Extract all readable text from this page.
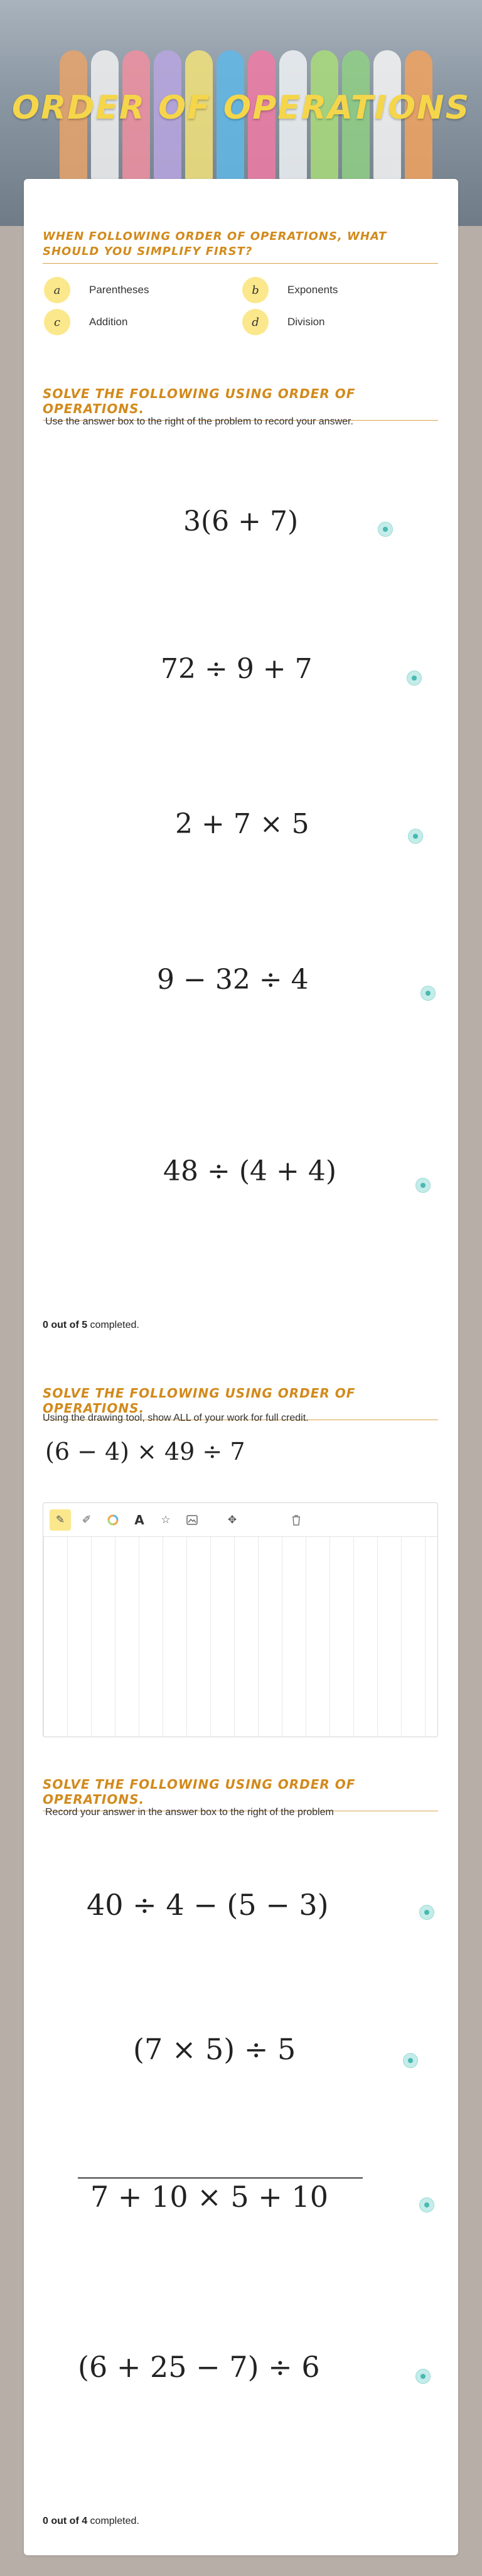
ORDER OF OPERATIONS
WHEN FOLLOWING ORDER OF OPERATIONS, WHAT SHOULD YOU SIMPLIFY FIRST?
a	Parentheses	b	Exponents
c	Addition	d	Division
SOLVE THE FOLLOWING USING ORDER OF OPERATIONS.
Use the answer box to the right of the problem to record your answer.
3(6 + 7)
72 ÷ 9 + 7
2 + 7 × 5
9 − 32 ÷ 4
48 ÷ (4 + 4)
0 out of 5 completed.
SOLVE THE FOLLOWING USING ORDER OF OPERATIONS.
Using the drawing tool, show ALL of your work for full credit.
(6 − 4) × 49 ÷ 7
✎	✐	A	☆	✥
SOLVE THE FOLLOWING USING ORDER OF OPERATIONS.
Record your answer in the answer box to the right of the problem
40 ÷ 4 − (5 − 3)
(7 × 5) ÷ 5
7 + 10 × 5 + 10
(6 + 25 − 7) ÷ 6
0 out of 4 completed.
